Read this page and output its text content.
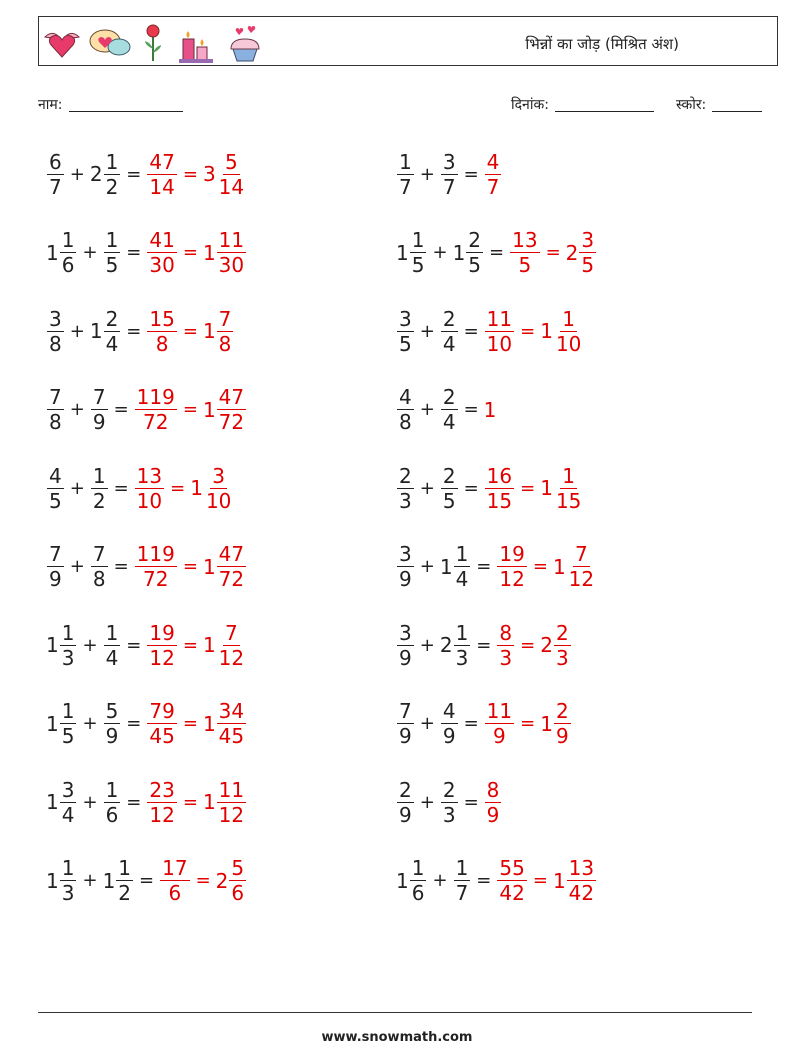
भिन्नों का जोड़ (मिश्रित अंश)
नाम:	दिनांक:	स्कोर:
$\frac{6}{7} + 2 \frac{1}{2} = \frac{47}{14} = 3 \frac{5}{14}$	$\frac{1}{7} + \frac{3}{7} = \frac{4}{7}$
$1 \frac{1}{6} + \frac{1}{5} = \frac{41}{30} = 1 \frac{11}{30}$	$1 \frac{1}{5} + 1 \frac{2}{5} = \frac{13}{5} = 2 \frac{3}{5}$
$\frac{3}{8} + 1 \frac{2}{4} = \frac{15}{8} = 1 \frac{7}{8}$	$\frac{3}{5} + \frac{2}{4} = \frac{11}{10} = 1 \frac{1}{10}$
$\frac{7}{8} + \frac{7}{9} = \frac{119}{72} = 1 \frac{47}{72}$	$\frac{4}{8} + \frac{2}{4} = 1$
$\frac{4}{5} + \frac{1}{2} = \frac{13}{10} = 1 \frac{3}{10}$	$\frac{2}{3} + \frac{2}{5} = \frac{16}{15} = 1 \frac{1}{15}$
$\frac{7}{9} + \frac{7}{8} = \frac{119}{72} = 1 \frac{47}{72}$	$\frac{3}{9} + 1 \frac{1}{4} = \frac{19}{12} = 1 \frac{7}{12}$
$1 \frac{1}{3} + \frac{1}{4} = \frac{19}{12} = 1 \frac{7}{12}$	$\frac{3}{9} + 2 \frac{1}{3} = \frac{8}{3} = 2 \frac{2}{3}$
$1 \frac{1}{5} + \frac{5}{9} = \frac{79}{45} = 1 \frac{34}{45}$	$\frac{7}{9} + \frac{4}{9} = \frac{11}{9} = 1 \frac{2}{9}$
$1 \frac{3}{4} + \frac{1}{6} = \frac{23}{12} = 1 \frac{11}{12}$	$\frac{2}{9} + \frac{2}{3} = \frac{8}{9}$
$1 \frac{1}{3} + 1 \frac{1}{2} = \frac{17}{6} = 2 \frac{5}{6}$	$1 \frac{1}{6} + \frac{1}{7} = \frac{55}{42} = 1 \frac{13}{42}$
www.snowmath.com
